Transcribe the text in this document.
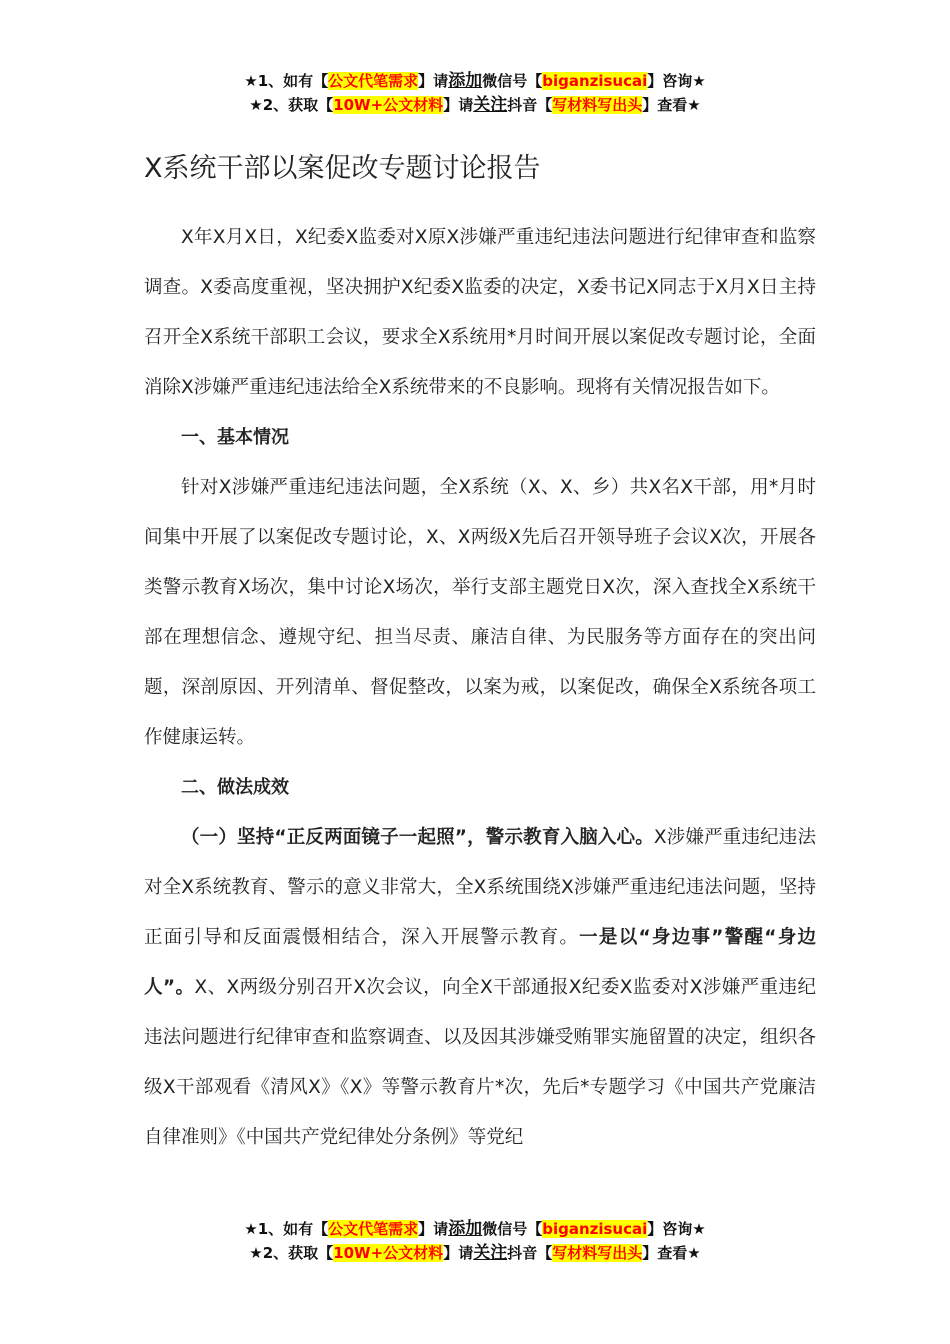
★1、如有【公文代笔需求】请添加微信号【biganzisucai】咨询★
★2、获取【10W+公文材料】请关注抖音【写材料写出头】查看★
X系统干部以案促改专题讨论报告

X年X月X日，X纪委X监委对X原X涉嫌严重违纪违法问题进行纪律审查和监察调查。X委高度重视，坚决拥护X纪委X监委的决定，X委书记X同志于X月X日主持召开全X系统干部职工会议，要求全X系统用*月时间开展以案促改专题讨论，全面消除X涉嫌严重违纪违法给全X系统带来的不良影响。现将有关情况报告如下。

一、基本情况

针对X涉嫌严重违纪违法问题，全X系统（X、X、乡）共X名X干部，用*月时间集中开展了以案促改专题讨论，X、X两级X先后召开领导班子会议X次，开展各类警示教育X场次，集中讨论X场次，举行支部主题党日X次，深入查找全X系统干部在理想信念、遵规守纪、担当尽责、廉洁自律、为民服务等方面存在的突出问题，深剖原因、开列清单、督促整改，以案为戒，以案促改，确保全X系统各项工作健康运转。

二、做法成效

（一）坚持“正反两面镜子一起照”，警示教育入脑入心。X涉嫌严重违纪违法对全X系统教育、警示的意义非常大，全X系统围绕X涉嫌严重违纪违法问题，坚持正面引导和反面震慑相结合，深入开展警示教育。一是以“身边事”警醒“身边人”。X、X两级分别召开X次会议，向全X干部通报X纪委X监委对X涉嫌严重违纪违法问题进行纪律审查和监察调查、以及因其涉嫌受贿罪实施留置的决定，组织各级X干部观看《清风X》《X》等警示教育片*次，先后*专题学习《中国共产党廉洁自律准则》《中国共产党纪律处分条例》等党纪

★1、如有【公文代笔需求】请添加微信号【biganzisucai】咨询★
★2、获取【10W+公文材料】请关注抖音【写材料写出头】查看★
